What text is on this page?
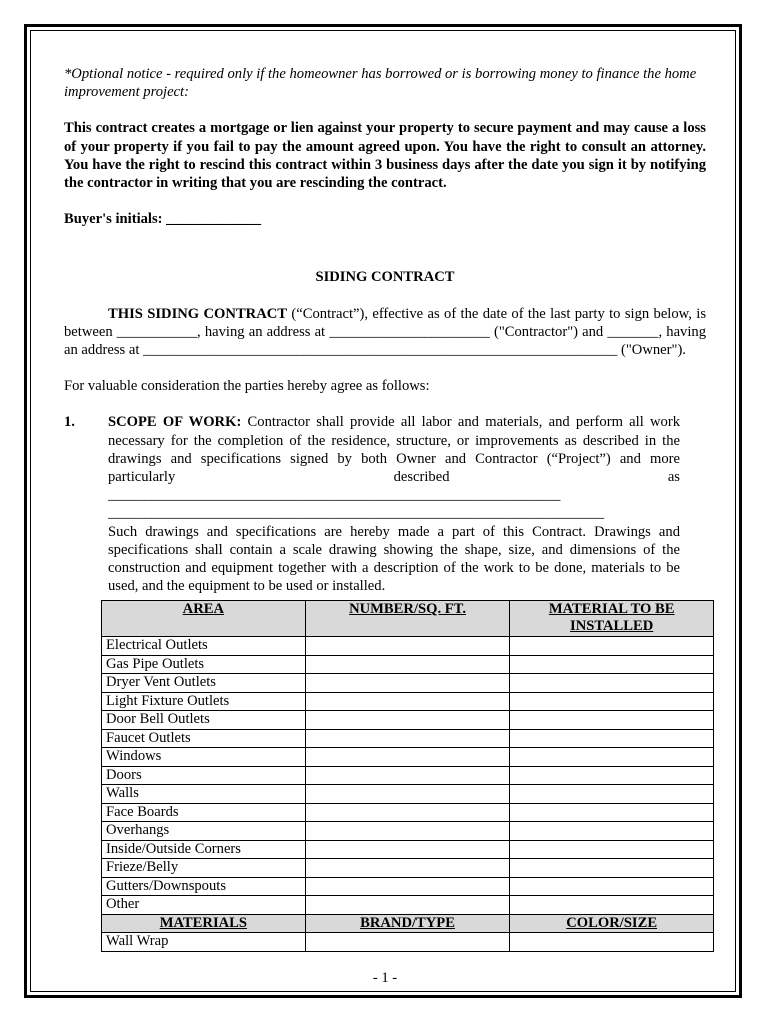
*Optional notice - required only if the homeowner has borrowed or is borrowing money to finance the home improvement project:

This contract creates a mortgage or lien against your property to secure payment and may cause a loss of your property if you fail to pay the amount agreed upon. You have the right to consult an attorney. You have the right to rescind this contract within 3 business days after the date you sign it by notifying the contractor in writing that you are rescinding the contract.

Buyer's initials: _____________

SIDING CONTRACT

THIS SIDING CONTRACT (“Contract”), effective as of the date of the last party to sign below, is between ___________, having an address at ______________________ ("Contractor") and _______, having an address at _________________________________________________________________ ("Owner").

For valuable consideration the parties hereby agree as follows:

1.	SCOPE OF WORK: Contractor shall provide all labor and materials, and perform all work necessary for the completion of the residence, structure, or improvements as described in the drawings and specifications signed by both Owner and Contractor (“Project”) and more particularly described as ______________________________________________________________

____________________________________________________________________

Such drawings and specifications are hereby made a part of this Contract. Drawings and specifications shall contain a scale drawing showing the shape, size, and dimensions of the construction and equipment together with a description of the work to be done, materials to be used, and the equipment to be used or installed.

AREA	NUMBER/SQ. FT.	MATERIAL TO BE INSTALLED
Electrical Outlets		
Gas Pipe Outlets		
Dryer Vent Outlets		
Light Fixture Outlets		
Door Bell Outlets		
Faucet Outlets		
Windows		
Doors		
Walls		
Face Boards		
Overhangs		
Inside/Outside Corners		
Frieze/Belly		
Gutters/Downspouts		
Other		
MATERIALS	BRAND/TYPE	COLOR/SIZE
Wall Wrap		
- 1 -
